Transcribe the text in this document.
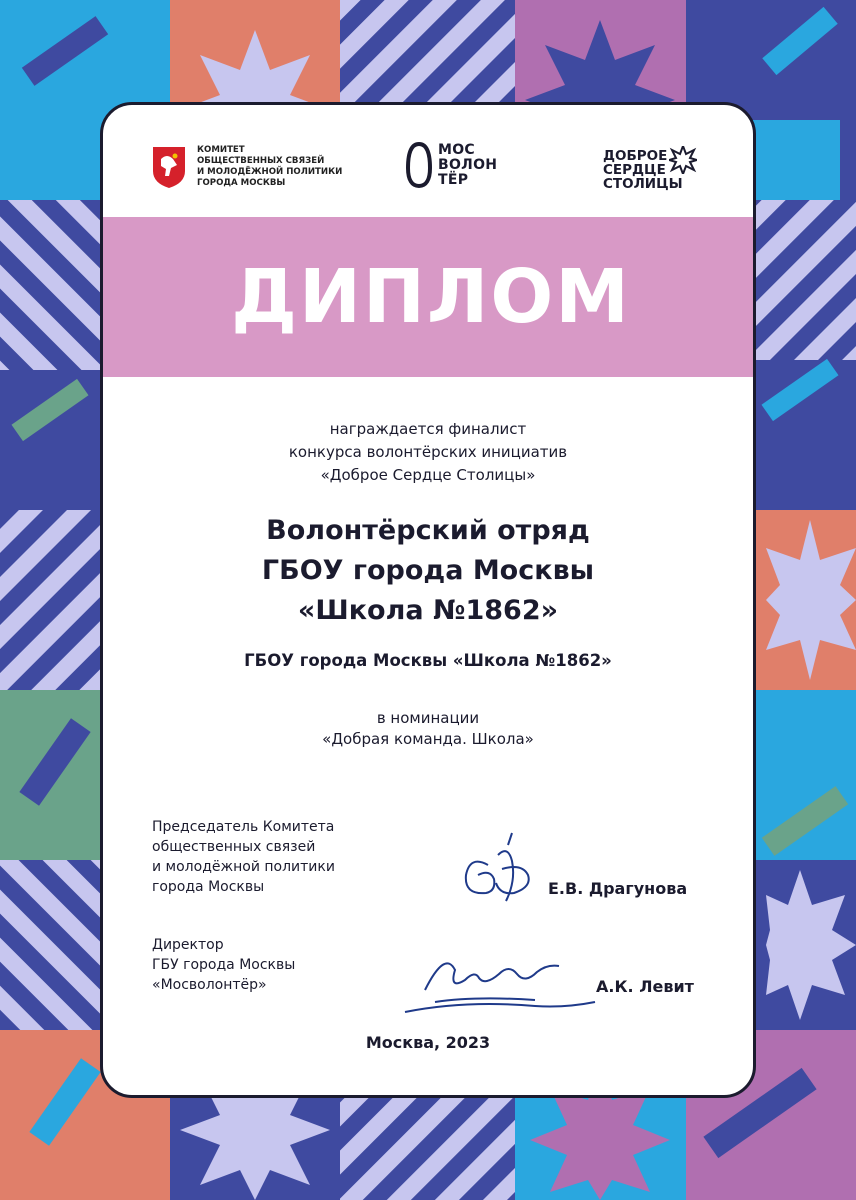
КОМИТЕТ
ОБЩЕСТВЕННЫХ СВЯЗЕЙ
И МОЛОДЁЖНОЙ ПОЛИТИКИ
ГОРОДА МОСКВЫ
МОС
ВОЛОН
ТЁР
ДОБРОЕ
СЕРДЦЕ
СТОЛИЦЫ
ДИПЛОМ
награждается финалист
конкурса волонтёрских инициатив
«Доброе Сердце Столицы»
Волонтёрский отряд
ГБОУ города Москвы
«Школа №1862»
ГБОУ города Москвы «Школа №1862»
в номинации
«Добрая команда. Школа»
Председатель Комитета
общественных связей
и молодёжной политики
города Москвы	Е.В. Драгунова
Директор
ГБУ города Москвы
«Мосволонтёр»	А.К. Левит
Москва, 2023
